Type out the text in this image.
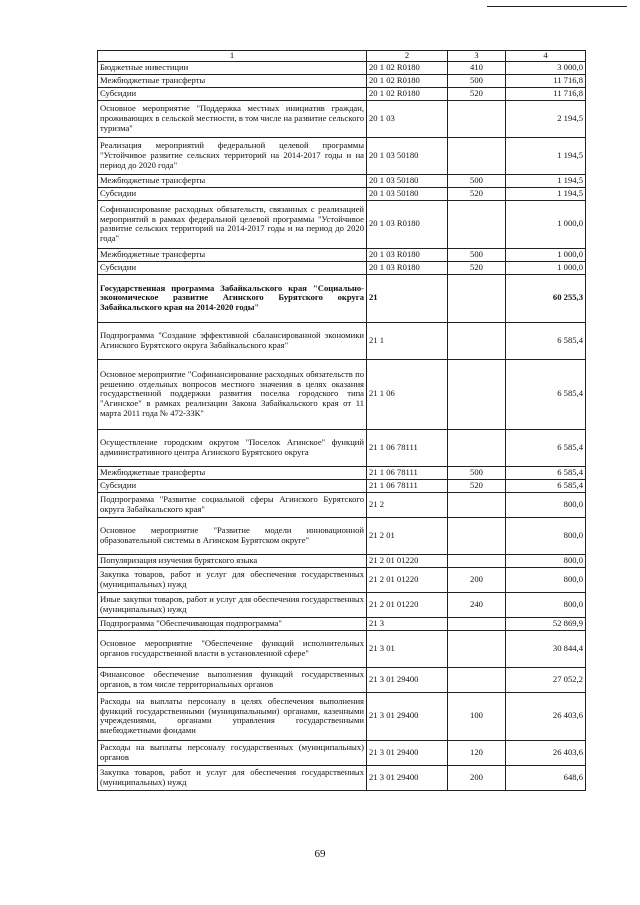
1	2	3	4
Бюджетные инвестиции	20 1 02 R0180	410	3 000,0
Межбюджетные трансферты	20 1 02 R0180	500	11 716,8
Субсидии	20 1 02 R0180	520	11 716,8
Основное мероприятие "Поддержка местных инициатив граждан, проживающих в сельской местности, в том числе на развитие сельского туризма"	20 1 03		2 194,5
Реализация мероприятий федеральной целевой программы "Устойчивое развитие сельских территорий на 2014-2017 годы и на период до 2020 года"	20 1 03 50180		1 194,5
Межбюджетные трансферты	20 1 03 50180	500	1 194,5
Субсидии	20 1 03 50180	520	1 194,5
Софинансирование расходных обязательств, связанных с реализацией мероприятий в рамках федеральной целевой программы "Устойчивое развитие сельских территорий на 2014-2017 годы и на период до 2020 года"	20 1 03 R0180		1 000,0
Межбюджетные трансферты	20 1 03 R0180	500	1 000,0
Субсидии	20 1 03 R0180	520	1 000,0
Государственная программа Забайкальского края "Социально-экономическое развитие Агинского Бурятского округа Забайкальского края на 2014-2020 годы"	21		60 255,3
Подпрограмма "Создание эффективной сбалансированной экономики Агинского Бурятского округа Забайкальского края"	21 1		6 585,4
Основное мероприятие "Софинансирование расходных обязательств по решению отдельных вопросов местного значения в целях оказания государственной поддержки развития поселка городского типа "Агинское" в рамках реализации Закона Забайкальского края от 11 марта 2011 года № 472-ЗЗК"	21 1 06		6 585,4
Осуществление городским округом "Поселок Агинское" функций административного центра Агинского Бурятского округа	21 1 06 78111		6 585,4
Межбюджетные трансферты	21 1 06 78111	500	6 585,4
Субсидии	21 1 06 78111	520	6 585,4
Подпрограмма "Развитие социальной сферы Агинского Бурятского округа Забайкальского края"	21 2		800,0
Основное мероприятие "Развитие модели инновационной образовательной системы в Агинском Бурятском округе"	21 2 01		800,0
Популяризация изучения бурятского языка	21 2 01 01220		800,0
Закупка товаров, работ и услуг для обеспечения государственных (муниципальных) нужд	21 2 01 01220	200	800,0
Иные закупки товаров, работ и услуг для обеспечения государственных (муниципальных) нужд	21 2 01 01220	240	800,0
Подпрограмма "Обеспечивающая подпрограмма"	21 3		52 869,9
Основное мероприятие "Обеспечение функций исполнительных органов государственной власти в установленной сфере"	21 3 01		30 844,4
Финансовое обеспечение выполнения функций государственных органов, в том числе территориальных органов	21 3 01 29400		27 052,2
Расходы на выплаты персоналу в целях обеспечения выполнения функций государственными (муниципальными) органами, казенными учреждениями, органами управления государственными внебюджетными фондами	21 3 01 29400	100	26 403,6
Расходы на выплаты персоналу государственных (муниципальных) органов	21 3 01 29400	120	26 403,6
Закупка товаров, работ и услуг для обеспечения государственных (муниципальных) нужд	21 3 01 29400	200	648,6
69
